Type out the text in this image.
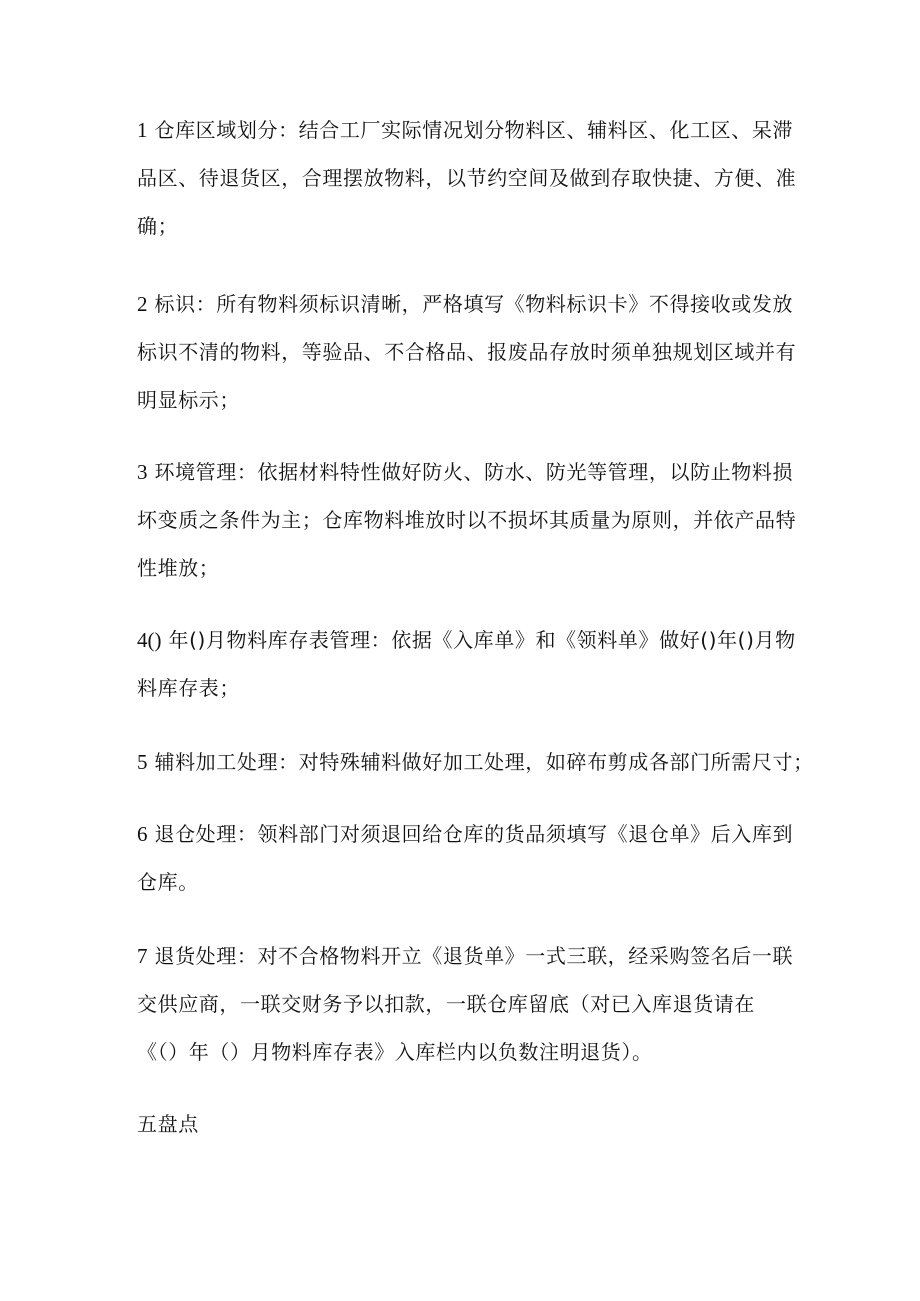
1 仓库区域划分：结合工厂实际情况划分物料区、辅料区、化工区、呆滞
品区、待退货区，合理摆放物料，以节约空间及做到存取快捷、方便、准
确；

2 标识：所有物料须标识清晰，严格填写《物料标识卡》不得接收或发放
标识不清的物料，等验品、不合格品、报废品存放时须单独规划区域并有
明显标示；

3 环境管理：依据材料特性做好防火、防水、防光等管理，以防止物料损
坏变质之条件为主；仓库物料堆放时以不损坏其质量为原则，并依产品特
性堆放；

4() 年()月物料库存表管理：依据《入库单》和《领料单》做好()年()月物
料库存表；

5 辅料加工处理：对特殊辅料做好加工处理，如碎布剪成各部门所需尺寸；

6 退仓处理：领料部门对须退回给仓库的货品须填写《退仓单》后入库到
仓库。

7 退货处理：对不合格物料开立《退货单》一式三联，经采购签名后一联
交供应商，一联交财务予以扣款，一联仓库留底（对已入库退货请在
《（）年（）月物料库存表》入库栏内以负数注明退货）。

五盘点
